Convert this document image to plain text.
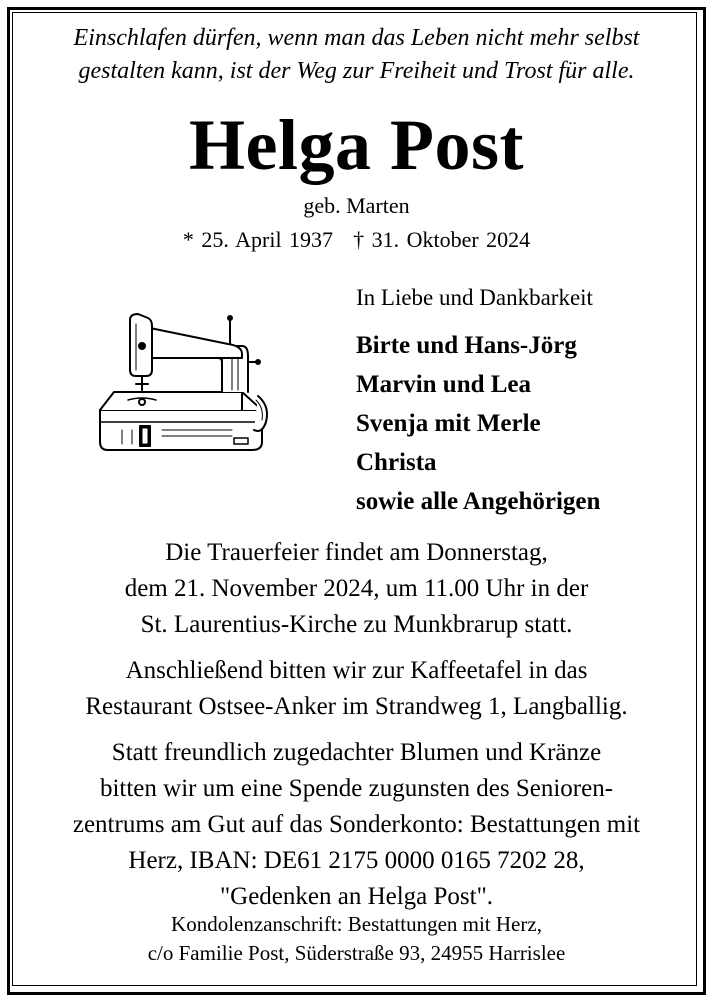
Einschlafen dürfen, wenn man das Leben nicht mehr selbst
gestalten kann, ist der Weg zur Freiheit und Trost für alle.
Helga Post
geb. Marten
* 25. April 1937 † 31. Oktober 2024
In Liebe und Dankbarkeit
Birte und Hans-Jörg
Marvin und Lea
Svenja mit Merle
Christa
sowie alle Angehörigen
Die Trauerfeier findet am Donnerstag,
dem 21. November 2024, um 11.00 Uhr in der
St. Laurentius-Kirche zu Munkbrarup statt.
Anschließend bitten wir zur Kaffeetafel in das
Restaurant Ostsee-Anker im Strandweg 1, Langballig.
Statt freundlich zugedachter Blumen und Kränze
bitten wir um eine Spende zugunsten des Senioren-
zentrums am Gut auf das Sonderkonto: Bestattungen mit
Herz, IBAN: DE61 2175 0000 0165 7202 28,
"Gedenken an Helga Post".
Kondolenzanschrift: Bestattungen mit Herz,
c/o Familie Post, Süderstraße 93, 24955 Harrislee
